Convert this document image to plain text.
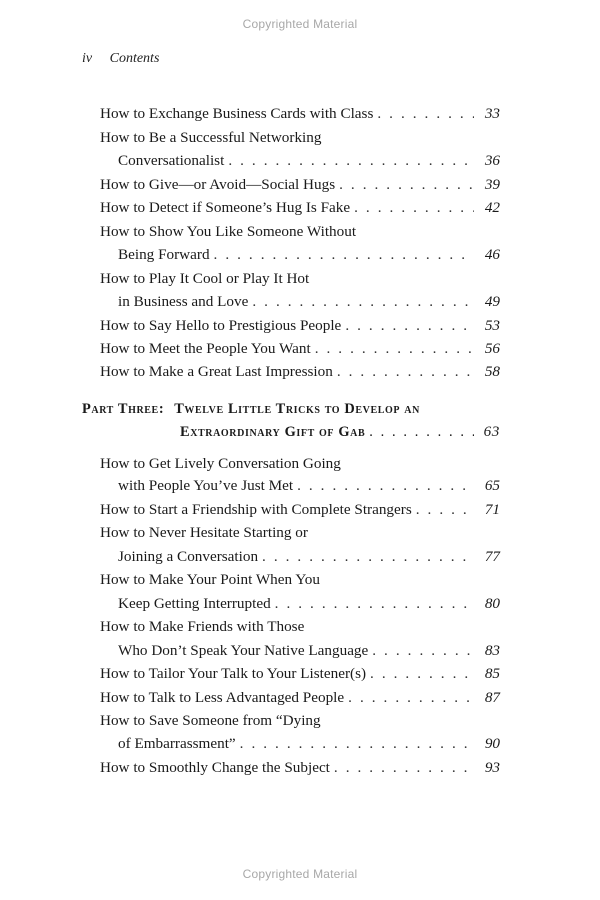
Copyrighted Material
iv Contents
How to Exchange Business Cards with Class . . .	33
How to Be a Successful Networking
Conversationalist . . .	36
How to Give—or Avoid—Social Hugs . . .	39
How to Detect if Someone’s Hug Is Fake . . .	42
How to Show You Like Someone Without
Being Forward . . .	46
How to Play It Cool or Play It Hot
in Business and Love . . .	49
How to Say Hello to Prestigious People . . .	53
How to Meet the People You Want . . .	56
How to Make a Great Last Impression . . .	58
Part Three: Twelve Little Tricks to Develop an
Extraordinary Gift of Gab . . .	63
How to Get Lively Conversation Going
with People You’ve Just Met . . .	65
How to Start a Friendship with Complete Strangers . . .	71
How to Never Hesitate Starting or
Joining a Conversation . . .	77
How to Make Your Point When You
Keep Getting Interrupted . . .	80
How to Make Friends with Those
Who Don’t Speak Your Native Language . . .	83
How to Tailor Your Talk to Your Listener(s) . . .	85
How to Talk to Less Advantaged People . . .	87
How to Save Someone from “Dying
of Embarrassment” . . .	90
How to Smoothly Change the Subject . . .	93
Copyrighted Material
